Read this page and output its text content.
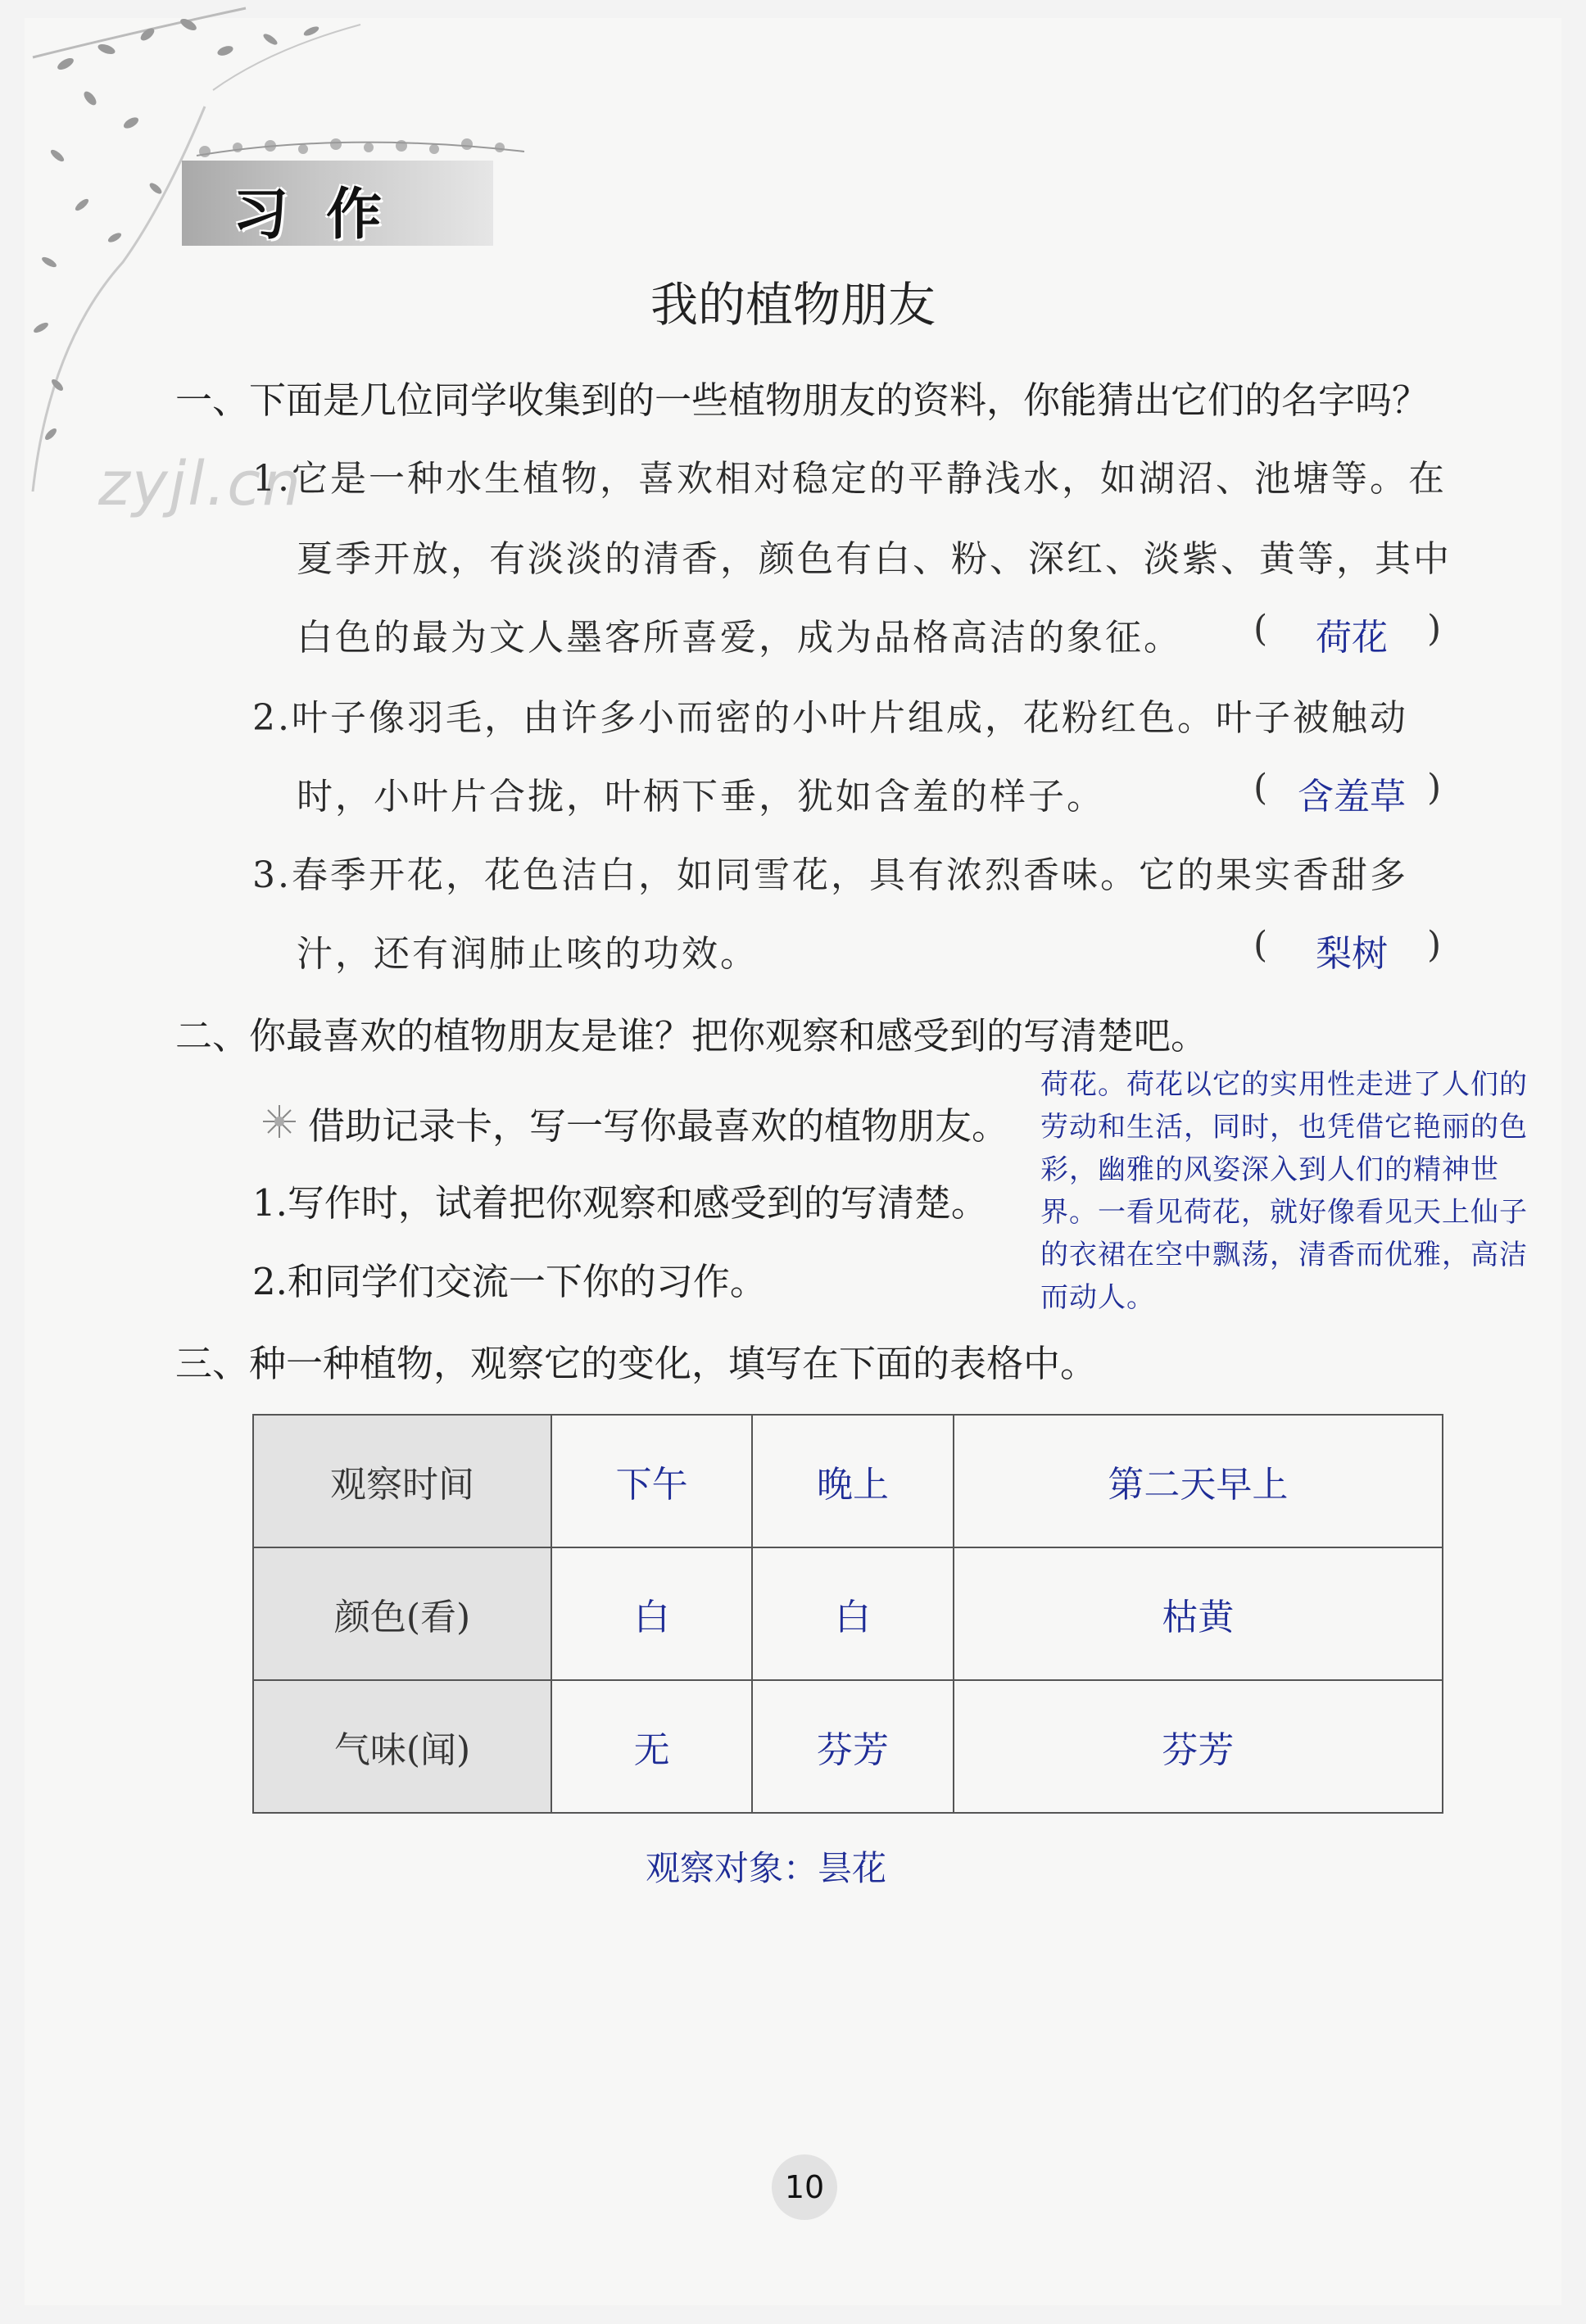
习作
zyjl.cn
我的植物朋友
一、下面是几位同学收集到的一些植物朋友的资料，你能猜出它们的名字吗？
1.它是一种水生植物，喜欢相对稳定的平静浅水，如湖沼、池塘等。在
夏季开放，有淡淡的清香，颜色有白、粉、深红、淡紫、黄等，其中
白色的最为文人墨客所喜爱，成为品格高洁的象征。 (	荷花	)
2.叶子像羽毛，由许多小而密的小叶片组成，花粉红色。叶子被触动
时，小叶片合拢，叶柄下垂，犹如含羞的样子。	( 含羞草 )
3.春季开花，花色洁白，如同雪花，具有浓烈香味。它的果实香甜多
汁，还有润肺止咳的功效。	(	梨树	)
二、你最喜欢的植物朋友是谁？把你观察和感受到的写清楚吧。
借助记录卡，写一写你最喜欢的植物朋友。
1.写作时，试着把你观察和感受到的写清楚。
2.和同学们交流一下你的习作。
荷花。荷花以它的实用性走进了人们的劳动和生活，同时，也凭借它艳丽的色彩，幽雅的风姿深入到人们的精神世界。一看见荷花，就好像看见天上仙子的衣裙在空中飘荡，清香而优雅，高洁而动人。
三、种一种植物，观察它的变化，填写在下面的表格中。
观察时间	下午	晚上	第二天早上
颜色(看)	白	白	枯黄
气味(闻)	无	芬芳	芬芳
观察对象：昙花
10
